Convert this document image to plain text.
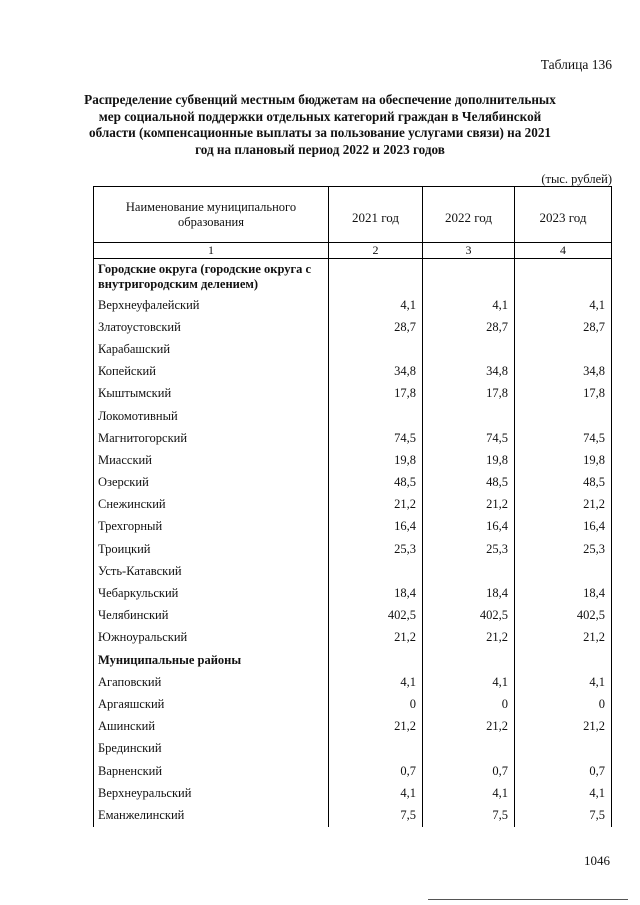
Таблица 136
Распределение субвенций местным бюджетам на обеспечение дополнительных мер социальной поддержки отдельных категорий граждан в Челябинской области (компенсационные выплаты за пользование услугами связи) на 2021 год на плановый период 2022 и 2023 годов
(тыс. рублей)
Наименование муниципального образования	2021 год	2022 год	2023 год
1	2	3	4
Городские округа (городские округа с внутригородским делением)			
Верхнеуфалейский	4,1	4,1	4,1
Златоустовский	28,7	28,7	28,7
Карабашский			
Копейский	34,8	34,8	34,8
Кыштымский	17,8	17,8	17,8
Локомотивный			
Магнитогорский	74,5	74,5	74,5
Миасский	19,8	19,8	19,8
Озерский	48,5	48,5	48,5
Снежинский	21,2	21,2	21,2
Трехгорный	16,4	16,4	16,4
Троицкий	25,3	25,3	25,3
Усть-Катавский			
Чебаркульский	18,4	18,4	18,4
Челябинский	402,5	402,5	402,5
Южноуральский	21,2	21,2	21,2
Муниципальные районы			
Агаповский	4,1	4,1	4,1
Аргаяшский	0	0	0
Ашинский	21,2	21,2	21,2
Брединский			
Варненский	0,7	0,7	0,7
Верхнеуральский	4,1	4,1	4,1
Еманжелинский	7,5	7,5	7,5
1046
